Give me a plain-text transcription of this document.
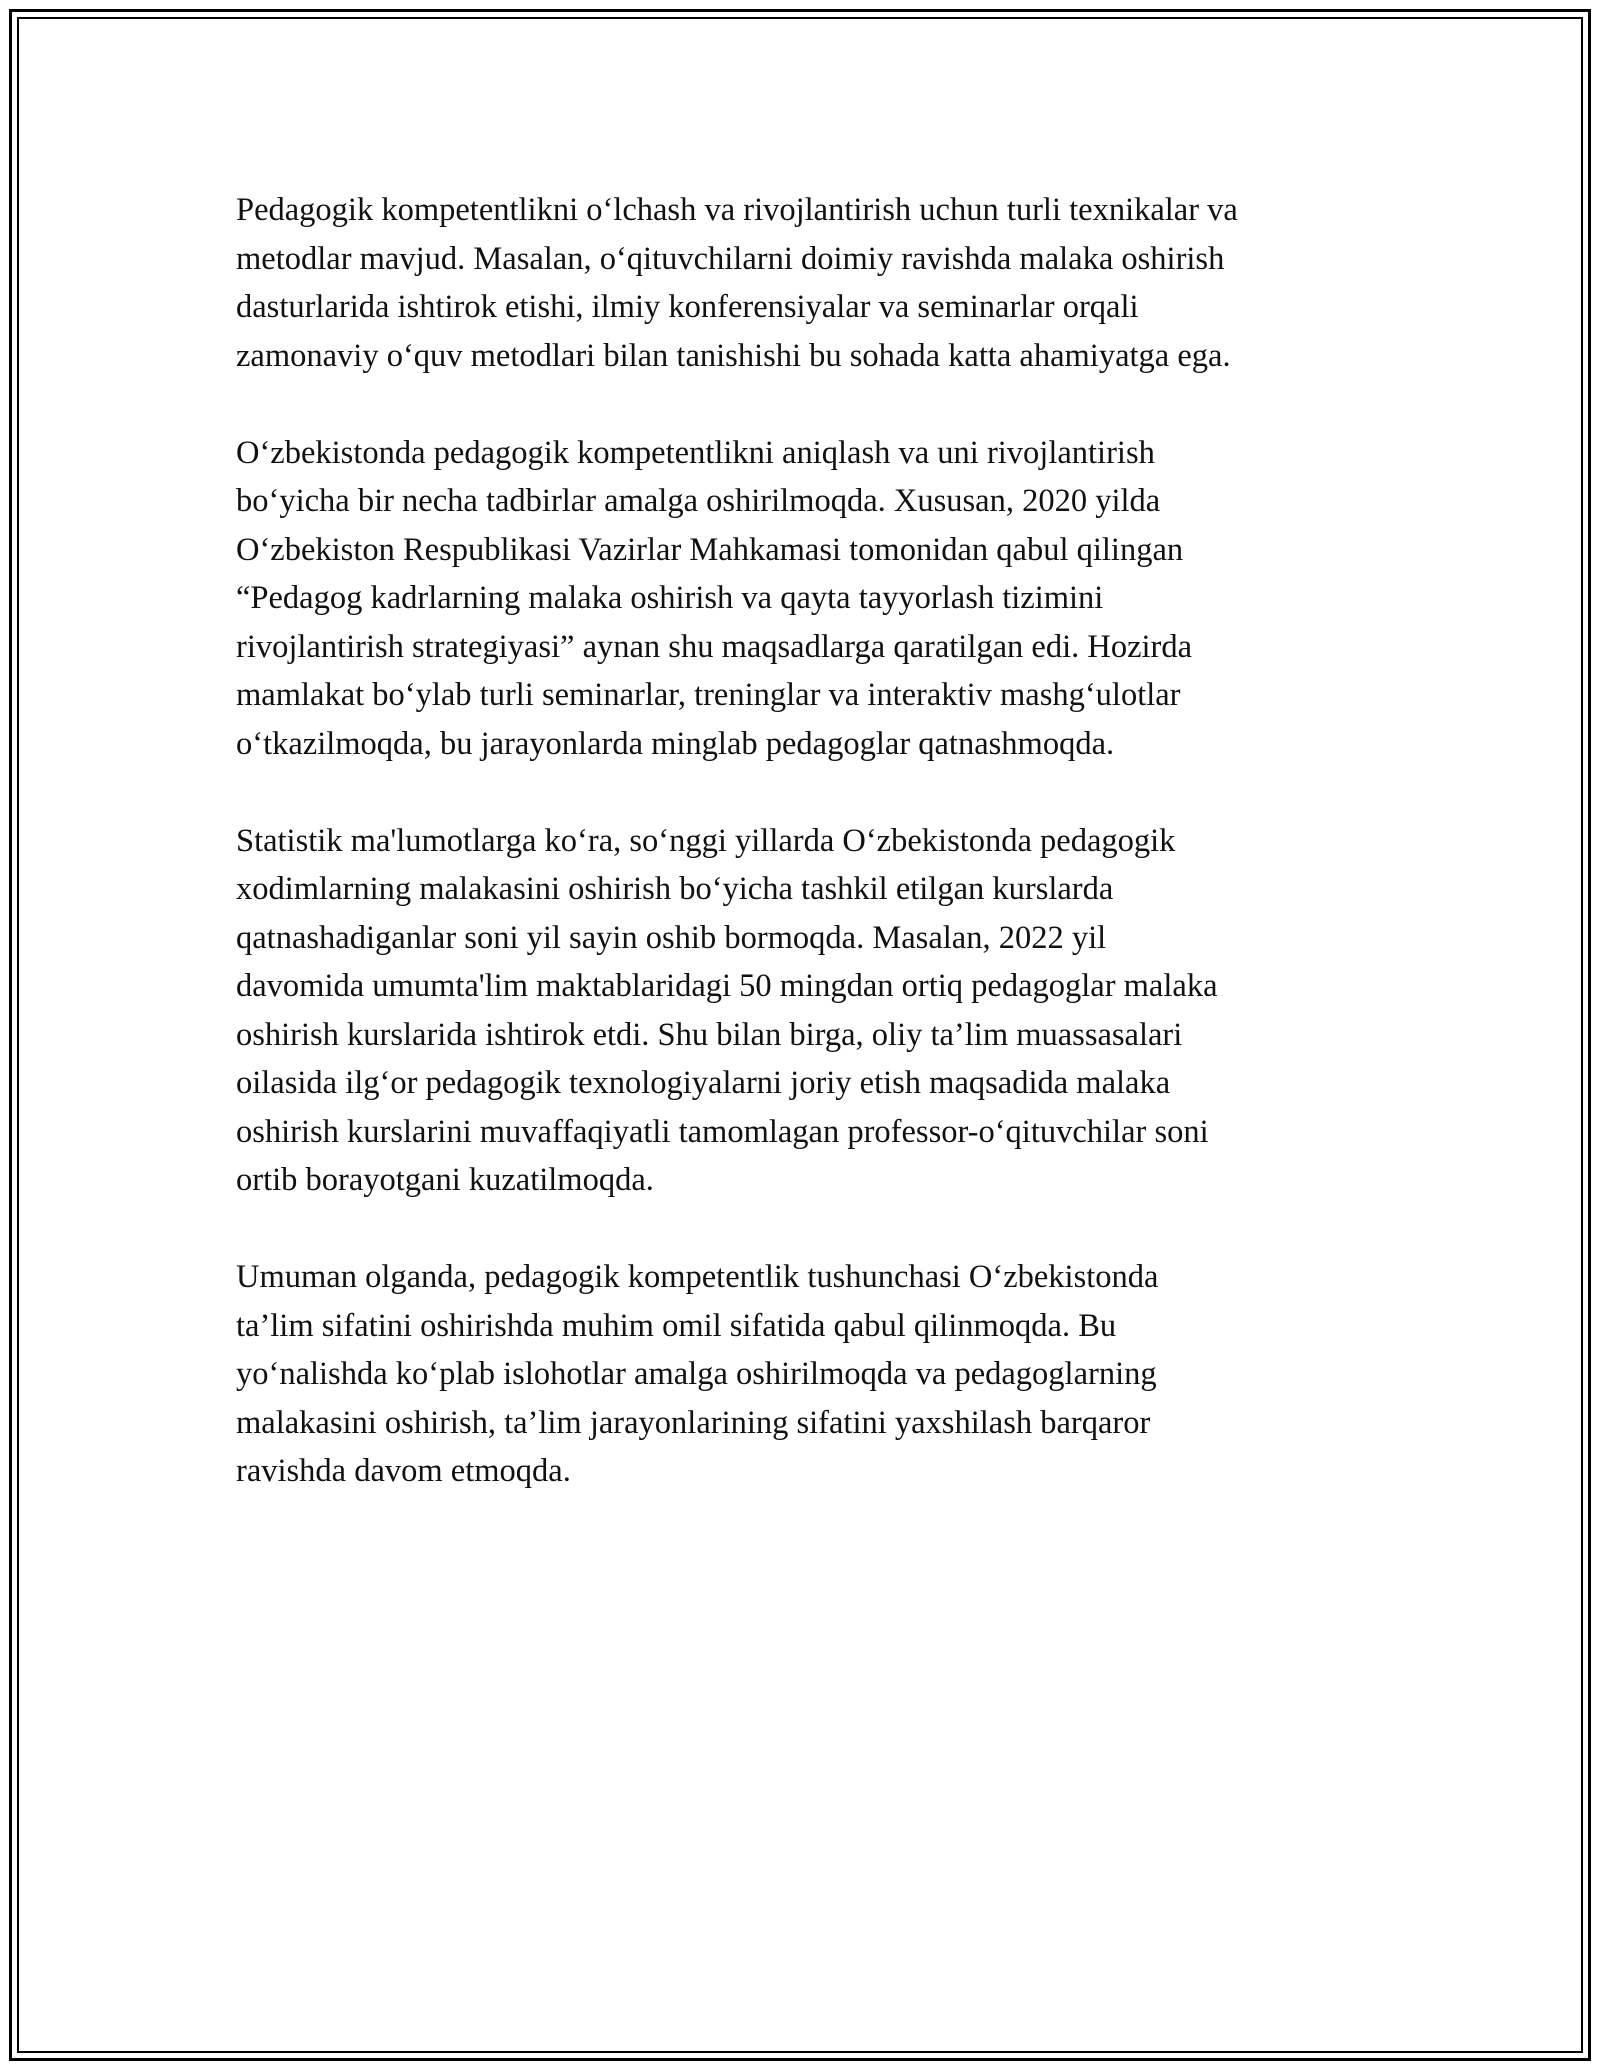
Pedagogik kompetentlikni o‘lchash va rivojlantirish uchun turli texnikalar va
metodlar mavjud. Masalan, o‘qituvchilarni doimiy ravishda malaka oshirish
dasturlarida ishtirok etishi, ilmiy konferensiyalar va seminarlar orqali
zamonaviy o‘quv metodlari bilan tanishishi bu sohada katta ahamiyatga ega.

O‘zbekistonda pedagogik kompetentlikni aniqlash va uni rivojlantirish
bo‘yicha bir necha tadbirlar amalga oshirilmoqda. Xususan, 2020 yilda
O‘zbekiston Respublikasi Vazirlar Mahkamasi tomonidan qabul qilingan
“Pedagog kadrlarning malaka oshirish va qayta tayyorlash tizimini
rivojlantirish strategiyasi” aynan shu maqsadlarga qaratilgan edi. Hozirda
mamlakat bo‘ylab turli seminarlar, treninglar va interaktiv mashg‘ulotlar
o‘tkazilmoqda, bu jarayonlarda minglab pedagoglar qatnashmoqda.

Statistik ma'lumotlarga ko‘ra, so‘nggi yillarda O‘zbekistonda pedagogik
xodimlarning malakasini oshirish bo‘yicha tashkil etilgan kurslarda
qatnashadiganlar soni yil sayin oshib bormoqda. Masalan, 2022 yil
davomida umumta'lim maktablaridagi 50 mingdan ortiq pedagoglar malaka
oshirish kurslarida ishtirok etdi. Shu bilan birga, oliy ta’lim muassasalari
oilasida ilg‘or pedagogik texnologiyalarni joriy etish maqsadida malaka
oshirish kurslarini muvaffaqiyatli tamomlagan professor-o‘qituvchilar soni
ortib borayotgani kuzatilmoqda.

Umuman olganda, pedagogik kompetentlik tushunchasi O‘zbekistonda
ta’lim sifatini oshirishda muhim omil sifatida qabul qilinmoqda. Bu
yo‘nalishda ko‘plab islohotlar amalga oshirilmoqda va pedagoglarning
malakasini oshirish, ta’lim jarayonlarining sifatini yaxshilash barqaror
ravishda davom etmoqda.
